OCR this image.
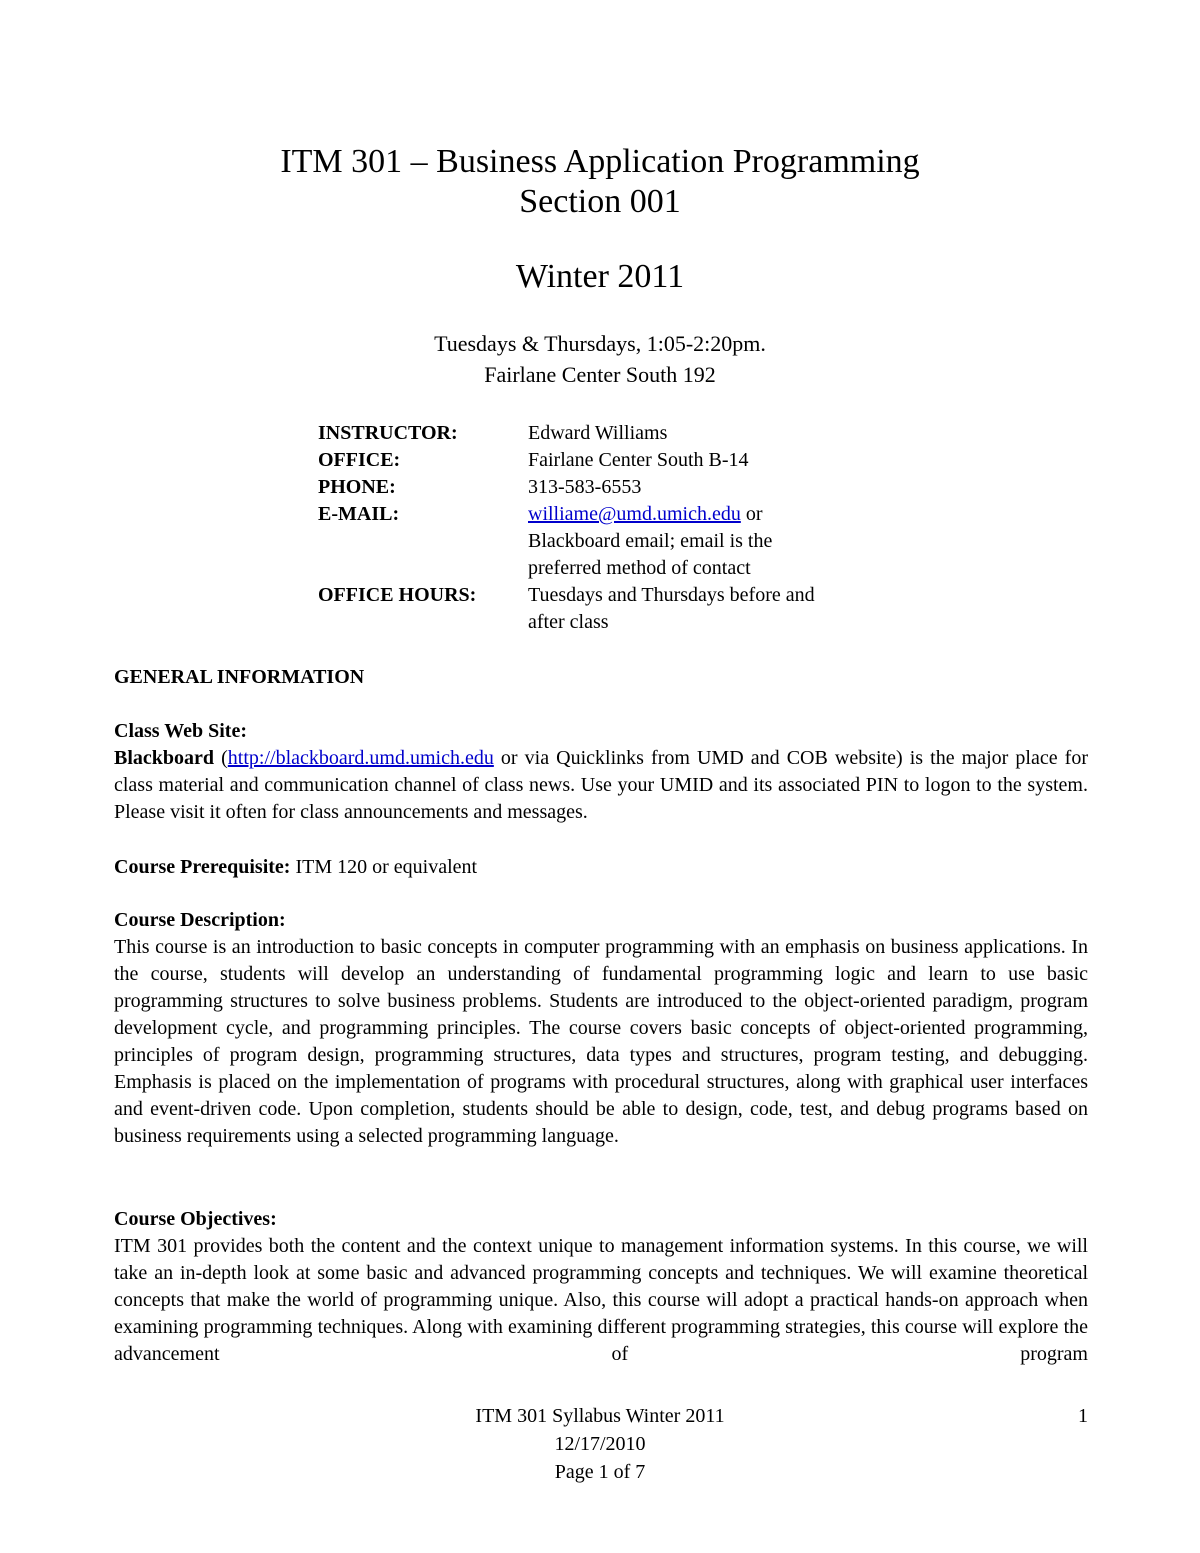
ITM 301 – Business Application Programming
Section 001
Winter 2011
Tuesdays & Thursdays, 1:05-2:20pm.
Fairlane Center South 192
INSTRUCTOR:	Edward Williams
OFFICE:	Fairlane Center South B-14
PHONE:	313-583-6553
E-MAIL:	williame@umd.umich.edu or
Blackboard email; email is the
preferred method of contact
OFFICE HOURS:	Tuesdays and Thursdays before and
after class
GENERAL INFORMATION
Class Web Site:
Blackboard (http://blackboard.umd.umich.edu or via Quicklinks from UMD and COB website) is the major place for class material and communication channel of class news. Use your UMID and its associated PIN to logon to the system. Please visit it often for class announcements and messages.
Course Prerequisite: ITM 120 or equivalent
Course Description:
This course is an introduction to basic concepts in computer programming with an emphasis on business applications. In the course, students will develop an understanding of fundamental programming logic and learn to use basic programming structures to solve business problems. Students are introduced to the object-oriented paradigm, program development cycle, and programming principles. The course covers basic concepts of object-oriented programming, principles of program design, programming structures, data types and structures, program testing, and debugging. Emphasis is placed on the implementation of programs with procedural structures, along with graphical user interfaces and event-driven code. Upon completion, students should be able to design, code, test, and debug programs based on business requirements using a selected programming language.
Course Objectives:
ITM 301 provides both the content and the context unique to management information systems. In this course, we will take an in-depth look at some basic and advanced programming concepts and techniques. We will examine theoretical concepts that make the world of programming unique. Also, this course will adopt a practical hands-on approach when examining programming techniques. Along with examining different programming strategies, this course will explore the advancement of program
ITM 301 Syllabus Winter 2011
12/17/2010
Page 1 of 7
1
